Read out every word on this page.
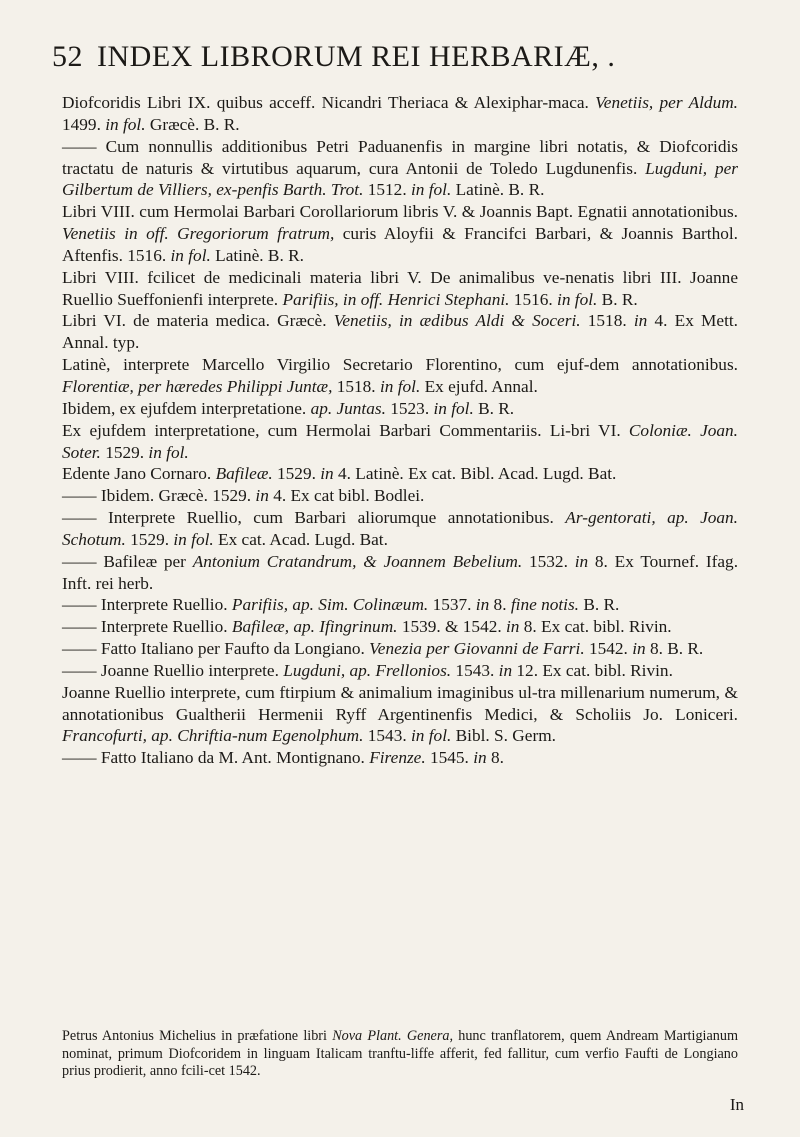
52 INDEX LIBRORUM REI HERBARIÆ, .

Diofcoridis Libri IX. quibus acceff. Nicandri Theriaca & Alexiphar-maca. Venetiis, per Aldum. 1499. in fol. Græcè. B. R.

—— Cum nonnullis additionibus Petri Paduanenfis in margine libri notatis, & Diofcoridis tractatu de naturis & virtutibus aquarum, cura Antonii de Toledo Lugdunenfis. Lugduni, per Gilbertum de Villiers, ex-penfis Barth. Trot. 1512. in fol. Latinè. B. R.

Libri VIII. cum Hermolai Barbari Corollariorum libris V. & Joannis Bapt. Egnatii annotationibus. Venetiis in off. Gregoriorum fratrum, curis Aloyfii & Francifci Barbari, & Joannis Barthol. Aftenfis. 1516. in fol. Latinè. B. R.

Libri VIII. fcilicet de medicinali materia libri V. De animalibus ve-nenatis libri III. Joanne Ruellio Sueffonienfi interprete. Parifiis, in off. Henrici Stephani. 1516. in fol. B. R.

Libri VI. de materia medica. Græcè. Venetiis, in ædibus Aldi & Soceri. 1518. in 4. Ex Mett. Annal. typ.

Latinè, interprete Marcello Virgilio Secretario Florentino, cum ejuf-dem annotationibus. Florentiæ, per hæredes Philippi Juntæ, 1518. in fol. Ex ejufd. Annal.

Ibidem, ex ejufdem interpretatione. ap. Juntas. 1523. in fol. B. R.

Ex ejufdem interpretatione, cum Hermolai Barbari Commentariis. Li-bri VI. Coloniæ. Joan. Soter. 1529. in fol.

Edente Jano Cornaro. Bafileæ. 1529. in 4. Latinè. Ex cat. Bibl. Acad. Lugd. Bat.

—— Ibidem. Græcè. 1529. in 4. Ex cat bibl. Bodlei.

—— Interprete Ruellio, cum Barbari aliorumque annotationibus. Ar-gentorati, ap. Joan. Schotum. 1529. in fol. Ex cat. Acad. Lugd. Bat.

—— Bafileæ per Antonium Cratandrum, & Joannem Bebelium. 1532. in 8. Ex Tournef. Ifag. Inft. rei herb.

—— Interprete Ruellio. Parifiis, ap. Sim. Colinæum. 1537. in 8. fine notis. B. R.

—— Interprete Ruellio. Bafileæ, ap. Ifingrinum. 1539. & 1542. in 8. Ex cat. bibl. Rivin.

—— Fatto Italiano per Faufto da Longiano. Venezia per Giovanni de Farri. 1542. in 8. B. R.

—— Joanne Ruellio interprete. Lugduni, ap. Frellonios. 1543. in 12. Ex cat. bibl. Rivin.

Joanne Ruellio interprete, cum ftirpium & animalium imaginibus ul-tra millenarium numerum, & annotationibus Gualtherii Hermenii Ryff Argentinenfis Medici, & Scholiis Jo. Loniceri. Francofurti, ap. Chriftia-num Egenolphum. 1543. in fol. Bibl. S. Germ.

—— Fatto Italiano da M. Ant. Montignano. Firenze. 1545. in 8.

Petrus Antonius Michelius in præfatione libri Nova Plant. Genera, hunc tranflatorem, quem Andream Martigianum nominat, primum Diofcoridem in linguam Italicam tranftu-liffe afferit, fed fallitur, cum verfio Faufti de Longiano prius prodierit, anno fcili-cet 1542.

In
